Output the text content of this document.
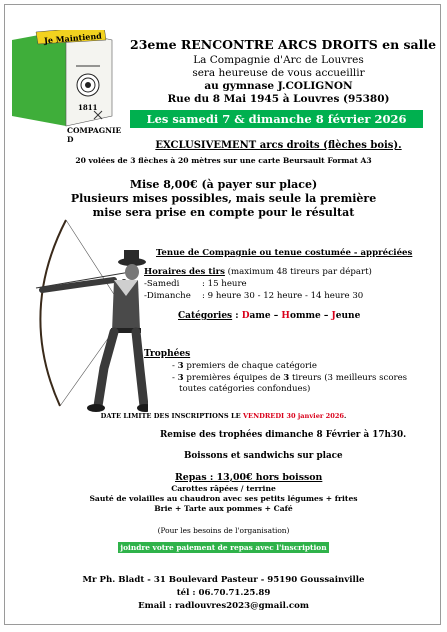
Je Maintiend
1811
COMPAGNIE D
23eme RENCONTRE ARCS DROITS en salle
La Compagnie d'Arc de Louvres
sera heureuse de vous accueillir
au gymnase J.COLIGNON
Rue du 8 Mai 1945 à Louvres (95380)
Les samedi 7 & dimanche 8 février 2026
EXCLUSIVEMENT arcs droits (flèches bois).
20 volées de 3 flèches à 20 mètres sur une carte Beursault Format A3
Mise 8,00€ (à payer sur place)
Plusieurs mises possibles, mais seule la première
mise sera prise en compte pour le résultat
Tenue de Compagnie ou tenue costumée - appréciées
Horaires des tirs (maximum 48 tireurs par départ)
-Samedi	: 15 heure
-Dimanche : 9 heure 30 - 12 heure - 14 heure 30
Catégories : Dame – Homme – Jeune
Trophées
- 3 premiers de chaque catégorie
- 3 premières équipes de 3 tireurs (3 meilleurs scores
toutes catégories confondues)
DATE LIMITE DES INSCRIPTIONS LE VENDREDI 30 janvier 2026.
Remise des trophées dimanche 8 Février à 17h30.
Boissons et sandwichs sur place
Repas : 13,00€ hors boisson
Carottes râpées / terrine
Sauté de volailles au chaudron avec ses petits légumes + frites
Brie + Tarte aux pommes + Café
(Pour les besoins de l'organisation)
joindre votre paiement de repas avec l'inscription
Mr Ph. Bladt - 31 Boulevard Pasteur - 95190 Goussainville
tél : 06.70.71.25.89
Email : radlouvres2023@gmail.com
